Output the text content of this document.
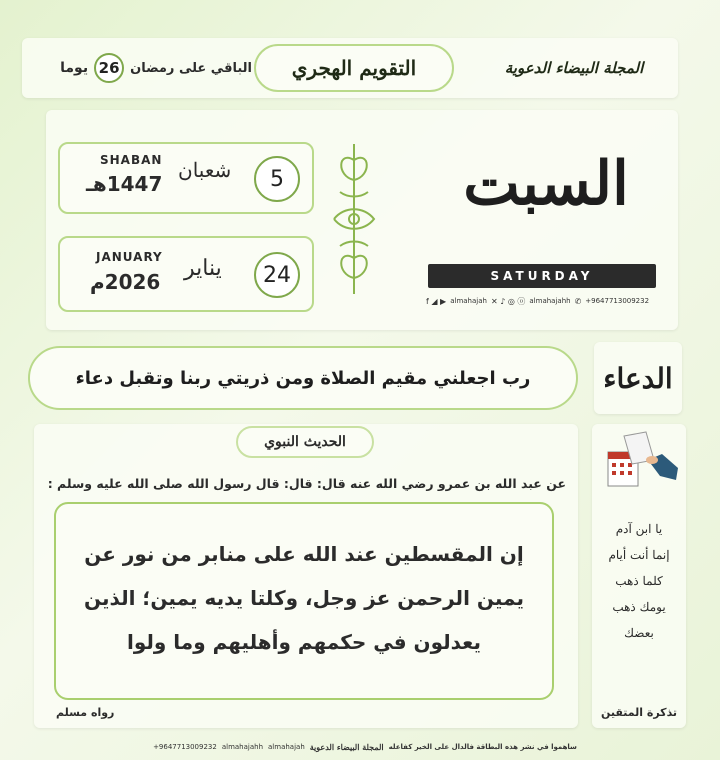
الباقي على رمضان
26
يوما	التقويم الهجري	المجلة البيضاء الدعوية
5
SHABAN
1447هـ
شعبان
24
JANUARY
2026م
يناير
السبت
SATURDAY
f ◢ ▶ almahajah ✕ ♪ ◎ ⓞ almahajahh ✆ +9647713009232
رب اجعلني مقيم الصلاة ومن ذريتي ربنا وتقبل دعاء	الدعاء
الحديث النبوي
عن عبد الله بن عمرو رضي الله عنه قال: قال: قال رسول الله صلى الله عليه وسلم :
إن المقسطين عند الله على منابر من نور عن
يمين الرحمن عز وجل، وكلتا يديه يمين؛ الذين
يعدلون في حكمهم وأهليهم وما ولوا
رواه مسلم
يا ابن آدم
إنما أنت أيام
كلما ذهب
يومك ذهب
بعضك
تذكرة المتقين
+9647713009232 almahajahh almahajah المجلة البيضاء الدعوية ساهموا في نشر هذه البطاقة فالدال على الخير كفاعله
